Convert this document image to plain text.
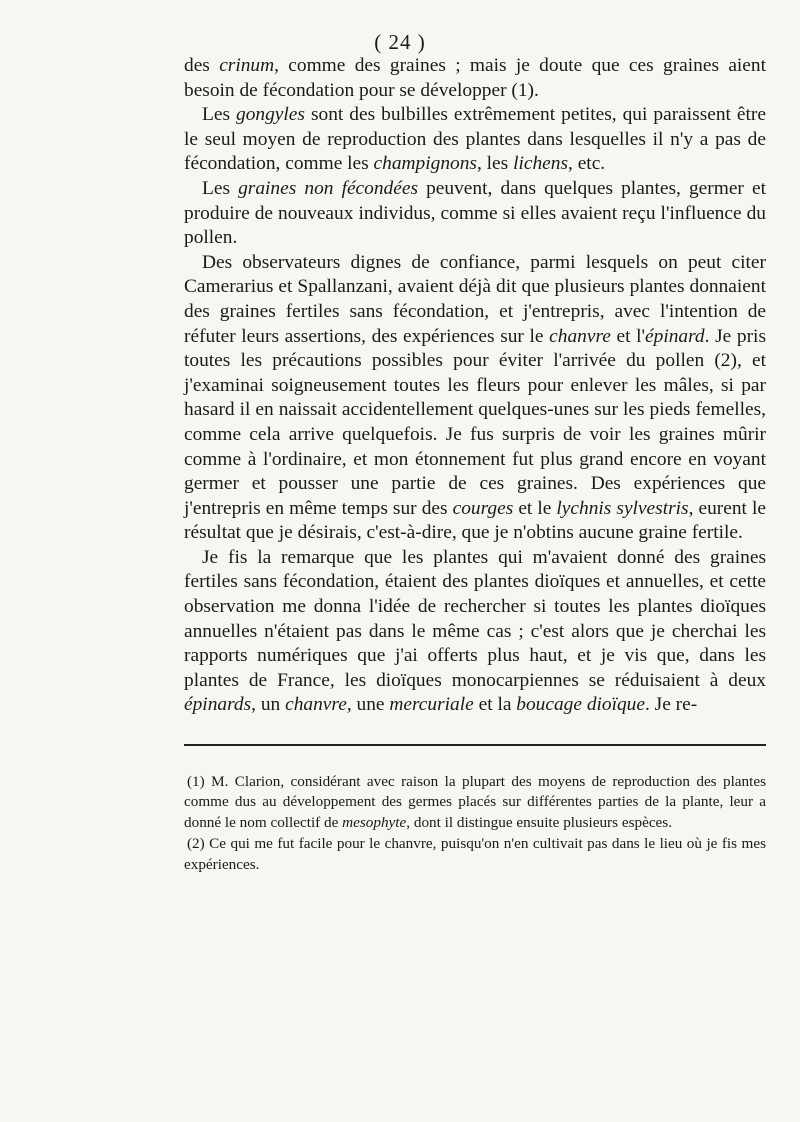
( 24 )

des crinum, comme des graines ; mais je doute que ces graines aient besoin de fécondation pour se développer (1).

Les gongyles sont des bulbilles extrêmement petites, qui paraissent être le seul moyen de reproduction des plantes dans lesquelles il n'y a pas de fécondation, comme les champignons, les lichens, etc.

Les graines non fécondées peuvent, dans quelques plantes, germer et produire de nouveaux individus, comme si elles avaient reçu l'influence du pollen.

Des observateurs dignes de confiance, parmi lesquels on peut citer Camerarius et Spallanzani, avaient déjà dit que plusieurs plantes donnaient des graines fertiles sans fécondation, et j'entrepris, avec l'intention de réfuter leurs assertions, des expériences sur le chanvre et l'épinard. Je pris toutes les précautions possibles pour éviter l'arrivée du pollen (2), et j'examinai soigneusement toutes les fleurs pour enlever les mâles, si par hasard il en naissait accidentellement quelques-unes sur les pieds femelles, comme cela arrive quelquefois. Je fus surpris de voir les graines mûrir comme à l'ordinaire, et mon étonnement fut plus grand encore en voyant germer et pousser une partie de ces graines. Des expériences que j'entrepris en même temps sur des courges et le lychnis sylvestris, eurent le résultat que je désirais, c'est-à-dire, que je n'obtins aucune graine fertile.

Je fis la remarque que les plantes qui m'avaient donné des graines fertiles sans fécondation, étaient des plantes dioïques et annuelles, et cette observation me donna l'idée de rechercher si toutes les plantes dioïques annuelles n'étaient pas dans le même cas ; c'est alors que je cherchai les rapports numériques que j'ai offerts plus haut, et je vis que, dans les plantes de France, les dioïques monocarpiennes se réduisaient à deux épinards, un chanvre, une mercuriale et la boucage dioïque. Je re-

(1) M. Clarion, considérant avec raison la plupart des moyens de reproduction des plantes comme dus au développement des germes placés sur différentes parties de la plante, leur a donné le nom collectif de mesophyte, dont il distingue ensuite plusieurs espèces.

(2) Ce qui me fut facile pour le chanvre, puisqu'on n'en cultivait pas dans le lieu où je fis mes expériences.
